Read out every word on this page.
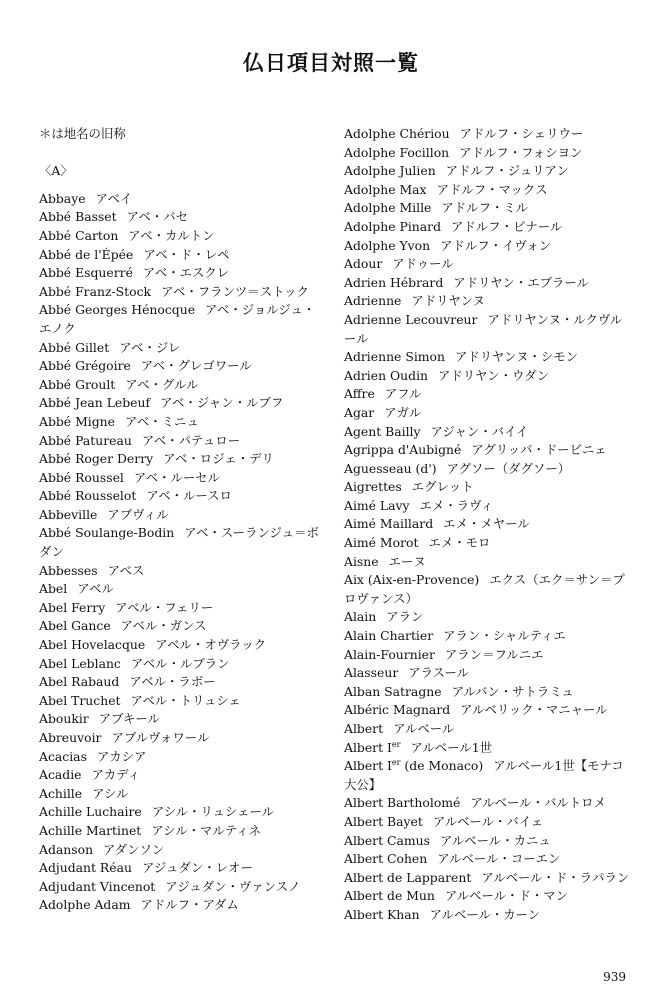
仏日項目対照一覧
＊は地名の旧称
〈A〉
Abbaye アベイ
Abbé Basset アベ・バセ
Abbé Carton アベ・カルトン
Abbé de l'Épée アベ・ド・レペ
Abbé Esquerré アベ・エスクレ
Abbé Franz-Stock アベ・フランツ＝ストック
Abbé Georges Hénocque アベ・ジョルジュ・エノク
Abbé Gillet アベ・ジレ
Abbé Grégoire アベ・グレゴワール
Abbé Groult アベ・グルル
Abbé Jean Lebeuf アベ・ジャン・ルブフ
Abbé Migne アベ・ミニュ
Abbé Patureau アベ・パテュロー
Abbé Roger Derry アベ・ロジェ・デリ
Abbé Roussel アベ・ルーセル
Abbé Rousselot アベ・ルースロ
Abbeville アブヴィル
Abbé Soulange-Bodin アベ・スーランジュ＝ボダン
Abbesses アベス
Abel アベル
Abel Ferry アベル・フェリー
Abel Gance アベル・ガンス
Abel Hovelacque アベル・オヴラック
Abel Leblanc アベル・ルブラン
Abel Rabaud アベル・ラボー
Abel Truchet アベル・トリュシェ
Aboukir アブキール
Abreuvoir アブルヴォワール
Acacias アカシア
Acadie アカディ
Achille アシル
Achille Luchaire アシル・リュシェール
Achille Martinet アシル・マルティネ
Adanson アダンソン
Adjudant Réau アジュダン・レオー
Adjudant Vincenot アジュダン・ヴァンスノ
Adolphe Adam アドルフ・アダム
Adolphe Chériou アドルフ・シェリウー
Adolphe Focillon アドルフ・フォシヨン
Adolphe Julien アドルフ・ジュリアン
Adolphe Max アドルフ・マックス
Adolphe Mille アドルフ・ミル
Adolphe Pinard アドルフ・ピナール
Adolphe Yvon アドルフ・イヴォン
Adour アドゥール
Adrien Hébrard アドリヤン・エブラール
Adrienne アドリヤンヌ
Adrienne Lecouvreur アドリヤンヌ・ルクヴルール
Adrienne Simon アドリヤンヌ・シモン
Adrien Oudin アドリヤン・ウダン
Affre アフル
Agar アガル
Agent Bailly アジャン・バイイ
Agrippa d'Aubigné アグリッパ・ドービニェ
Aguesseau (d') アグソー（ダグソー）
Aigrettes エグレット
Aimé Lavy エメ・ラヴィ
Aimé Maillard エメ・メヤール
Aimé Morot エメ・モロ
Aisne エーヌ
Aix (Aix-en-Provence) エクス（エク＝サン＝プロヴァンス）
Alain アラン
Alain Chartier アラン・シャルティエ
Alain-Fournier アラン＝フルニエ
Alasseur アラスール
Alban Satragne アルバン・サトラミュ
Albéric Magnard アルベリック・マニャール
Albert アルベール
Albert Ier アルベール1世
Albert Ier (de Monaco) アルベール1世【モナコ大公】
Albert Bartholomé アルベール・バルトロメ
Albert Bayet アルベール・バイェ
Albert Camus アルベール・カニュ
Albert Cohen アルベール・コーエン
Albert de Lapparent アルベール・ド・ラパラン
Albert de Mun アルベール・ド・マン
Albert Khan アルベール・カーン
939
